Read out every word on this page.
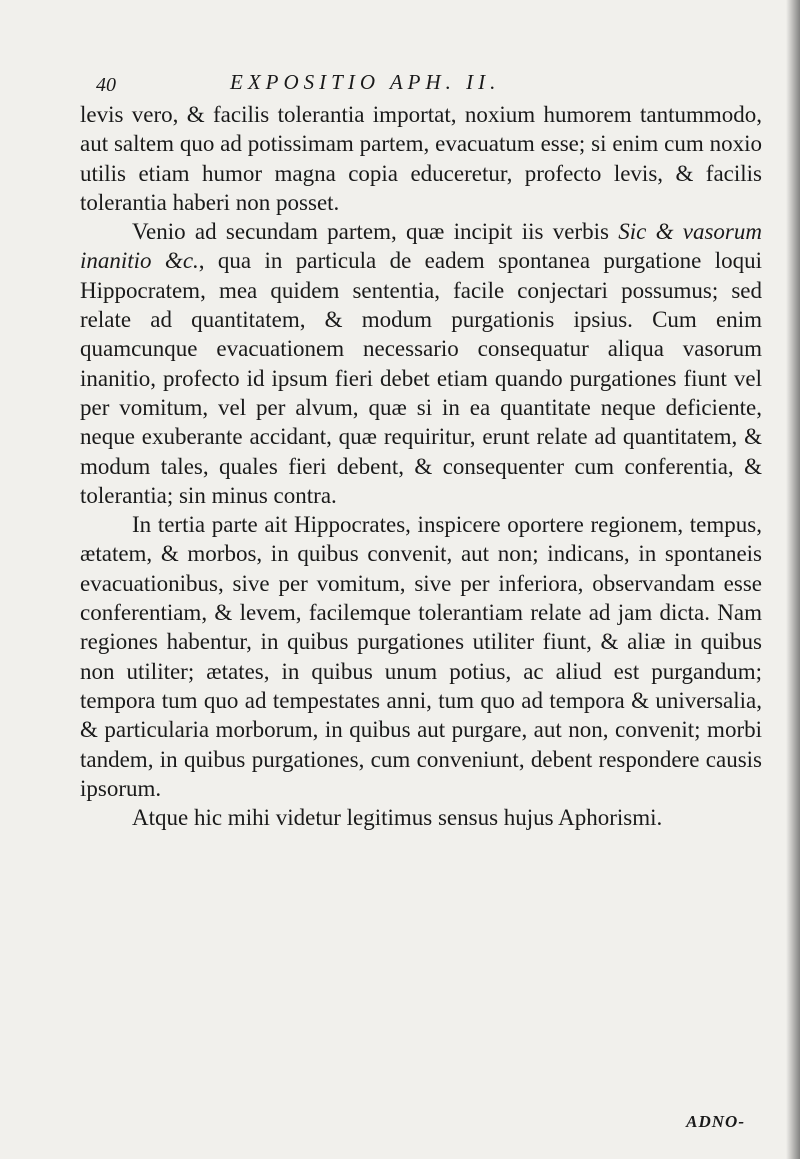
40	EXPOSITIO APH. II.

levis vero, & facilis tolerantia importat, noxium humorem tantummodo, aut saltem quo ad potissimam partem, evacuatum esse; si enim cum noxio utilis etiam humor magna copia educeretur, profecto levis, & facilis tolerantia haberi non posset.

Venio ad secundam partem, quæ incipit iis verbis Sic & vasorum inanitio &c., qua in particula de eadem spontanea purgatione loqui Hippocratem, mea quidem sententia, facile conjectari possumus; sed relate ad quantitatem, & modum purgationis ipsius. Cum enim quamcunque evacuationem necessario consequatur aliqua vasorum inanitio, profecto id ipsum fieri debet etiam quando purgationes fiunt vel per vomitum, vel per alvum, quæ si in ea quantitate neque deficiente, neque exuberante accidant, quæ requiritur, erunt relate ad quantitatem, & modum tales, quales fieri debent, & consequenter cum conferentia, & tolerantia; sin minus contra.

In tertia parte ait Hippocrates, inspicere oportere regionem, tempus, ætatem, & morbos, in quibus convenit, aut non; indicans, in spontaneis evacuationibus, sive per vomitum, sive per inferiora, observandam esse conferentiam, & levem, facilemque tolerantiam relate ad jam dicta. Nam regiones habentur, in quibus purgationes utiliter fiunt, & aliæ in quibus non utiliter; ætates, in quibus unum potius, ac aliud est purgandum; tempora tum quo ad tempestates anni, tum quo ad tempora & universalia, & particularia morborum, in quibus aut purgare, aut non, convenit; morbi tandem, in quibus purgationes, cum conveniunt, debent respondere causis ipsorum.

Atque hic mihi videtur legitimus sensus hujus Aphorismi.

ADNO-
